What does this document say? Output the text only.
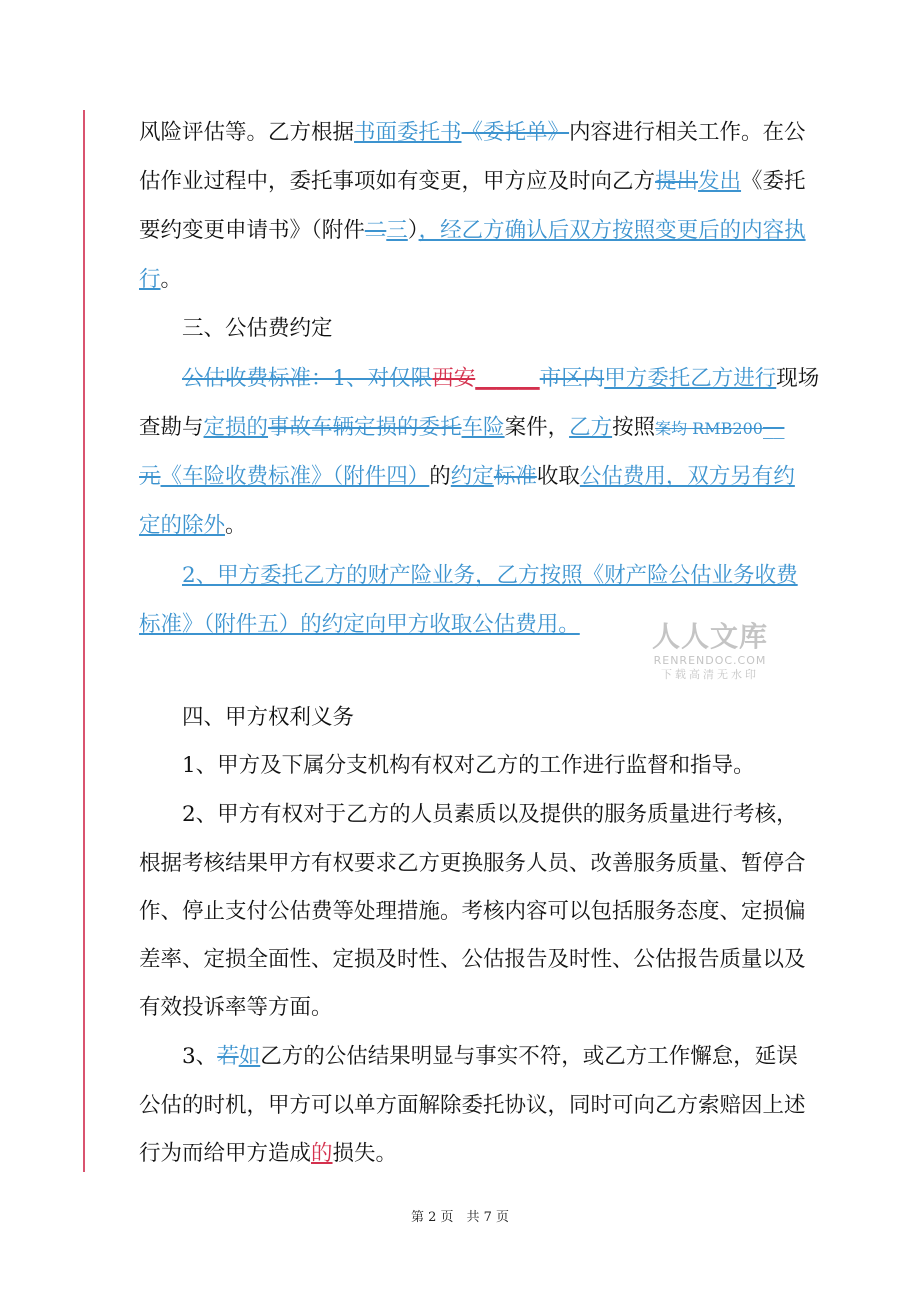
风险评估等。乙方根据书面委托书《委托单》内容进行相关工作。在公
估作业过程中，委托事项如有变更，甲方应及时向乙方提出发出《委托
要约变更申请书》（附件二三），经乙方确认后双方按照变更后的内容执
行。
三、公估费约定
公估收费标准：1、对仅限西安______市区内甲方委托乙方进行现场
查勘与定损的事故车辆定损的委托车险案件，乙方按照案均 RMB200__
元《车险收费标准》（附件四）的约定标准收取公估费用，双方另有约
定的除外。
2、甲方委托乙方的财产险业务，乙方按照《财产险公估业务收费
标准》（附件五）的约定向甲方收取公估费用。	人人文库
RENRENDOC.COM
下载高清无水印
四、甲方权利义务
1、甲方及下属分支机构有权对乙方的工作进行监督和指导。
2、甲方有权对于乙方的人员素质以及提供的服务质量进行考核，
根据考核结果甲方有权要求乙方更换服务人员、改善服务质量、暂停合
作、停止支付公估费等处理措施。考核内容可以包括服务态度、定损偏
差率、定损全面性、定损及时性、公估报告及时性、公估报告质量以及
有效投诉率等方面。
3、若如乙方的公估结果明显与事实不符，或乙方工作懈怠，延误
公估的时机，甲方可以单方面解除委托协议，同时可向乙方索赔因上述
行为而给甲方造成的损失。
第 2 页　共 7 页
